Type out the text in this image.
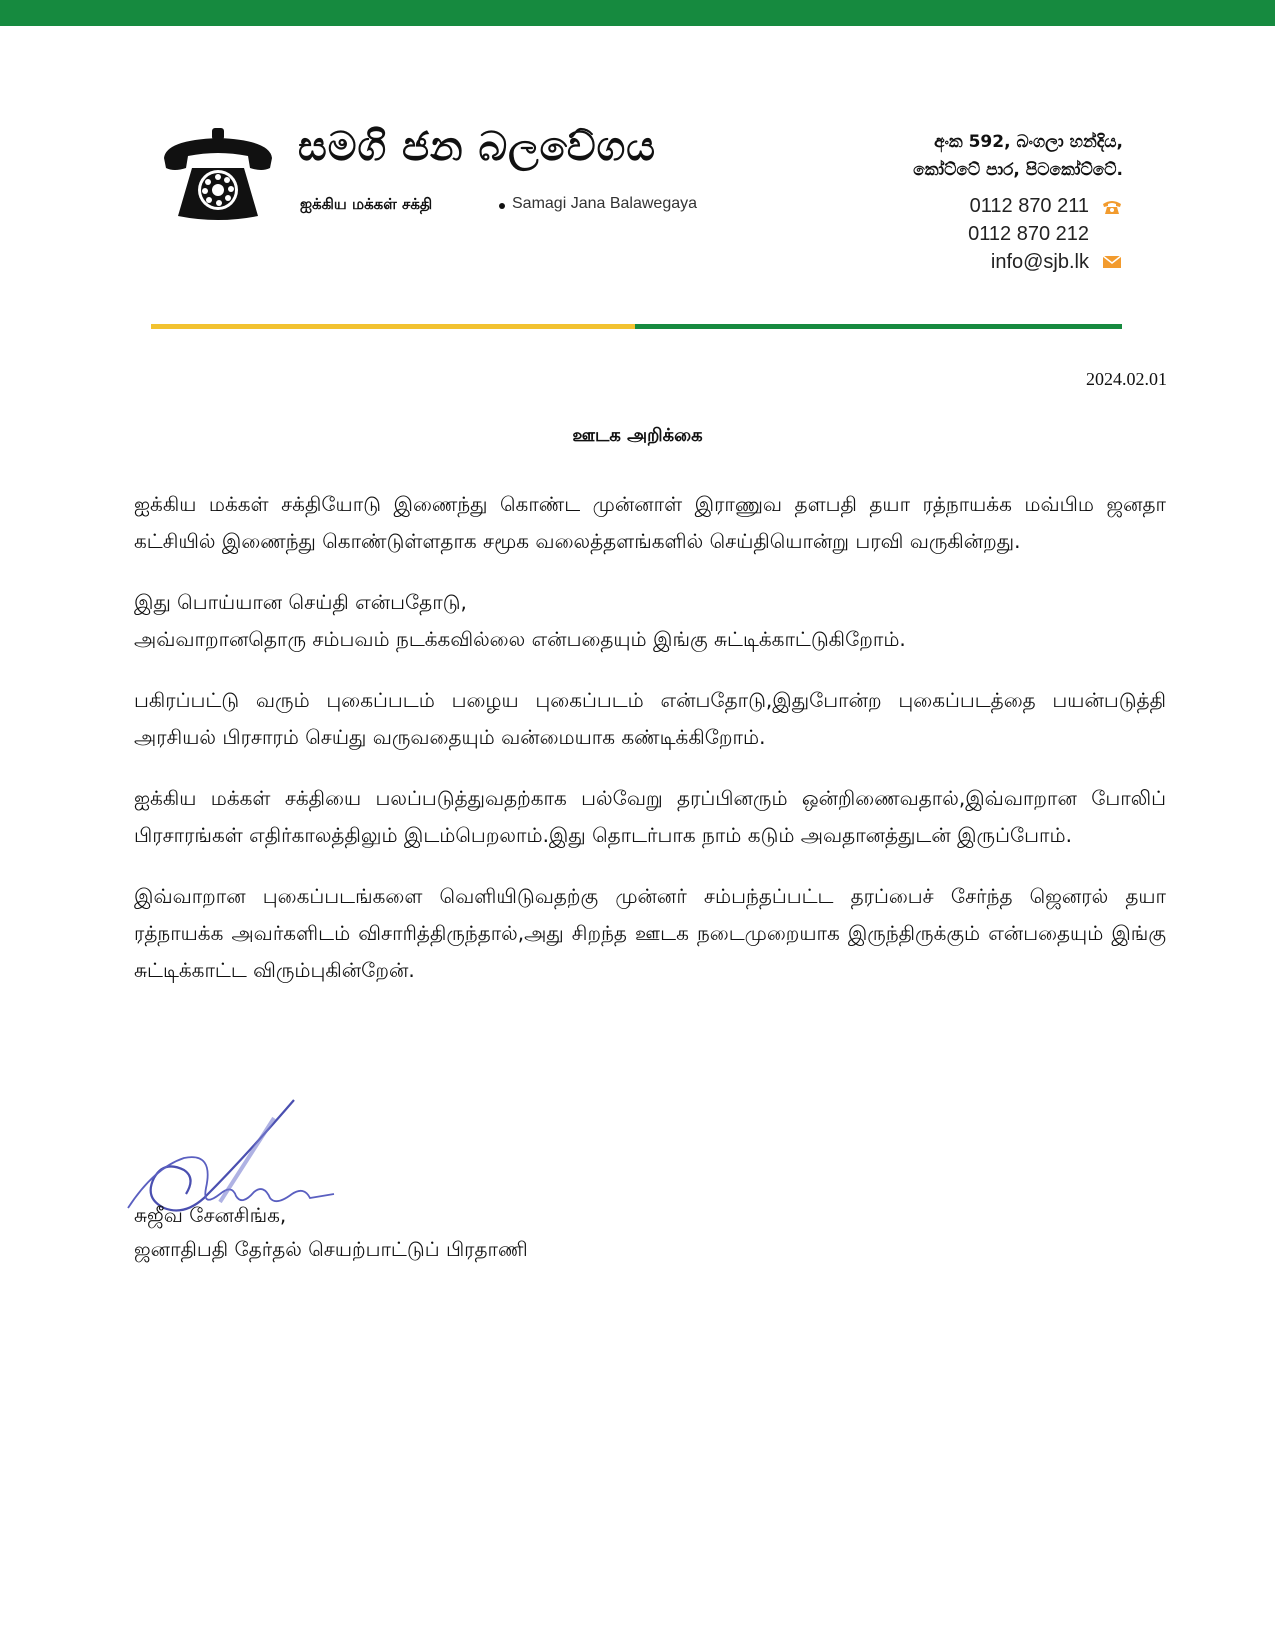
සමගි ජන බලවේගය
ஐக்கிய மக்கள் சக்தி	Samagi Jana Balawegaya
අංක 592, බංගලා හන්දිය,
කෝට්ටේ පාර, පිටකෝට්ටේ.
0112 870 211
0112 870 212
info@sjb.lk
2024.02.01
ஊடக அறிக்கை

ஐக்கிய மக்கள் சக்தியோடு இணைந்து கொண்ட முன்னாள் இராணுவ தளபதி தயா ரத்நாயக்க மவ்பிம ஜனதா கட்சியில் இணைந்து கொண்டுள்ளதாக சமூக வலைத்தளங்களில் செய்தியொன்று பரவி வருகின்றது.

இது பொய்யான செய்தி என்பதோடு,

அவ்வாறானதொரு சம்பவம் நடக்கவில்லை என்பதையும் இங்கு சுட்டிக்காட்டுகிறோம்.

பகிரப்பட்டு வரும் புகைப்படம் பழைய புகைப்படம் என்பதோடு,இதுபோன்ற புகைப்படத்தை பயன்படுத்தி அரசியல் பிரசாரம் செய்து வருவதையும் வன்மையாக கண்டிக்கிறோம்.

ஐக்கிய மக்கள் சக்தியை பலப்படுத்துவதற்காக பல்வேறு தரப்பினரும் ஒன்றிணைவதால்,இவ்வாறான போலிப் பிரசாரங்கள் எதிர்காலத்திலும் இடம்பெறலாம்.இது தொடர்பாக நாம் கடும் அவதானத்துடன் இருப்போம்.

இவ்வாறான புகைப்படங்களை வெளியிடுவதற்கு முன்னர் சம்பந்தப்பட்ட தரப்பைச் சேர்ந்த ஜெனரல் தயா ரத்நாயக்க அவர்களிடம் விசாரித்திருந்தால்,அது சிறந்த ஊடக நடைமுறையாக இருந்திருக்கும் என்பதையும் இங்கு சுட்டிக்காட்ட விரும்புகின்றேன்.

சுஜீவ சேனசிங்க,
ஜனாதிபதி தேர்தல் செயற்பாட்டுப் பிரதாணி
